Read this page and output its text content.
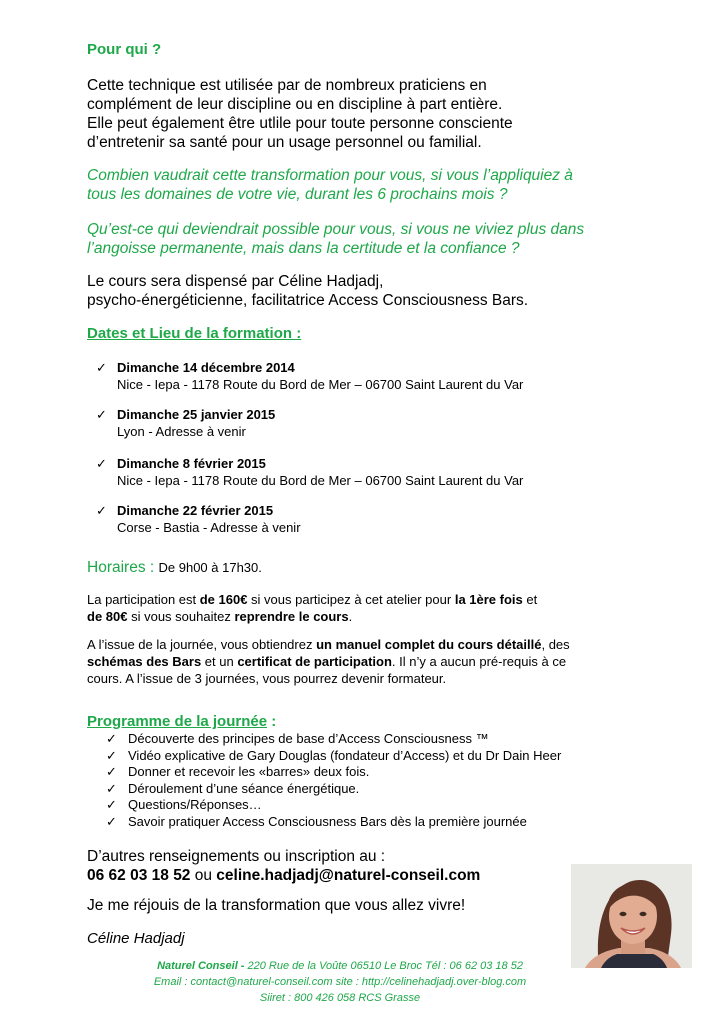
Pour qui ?
Cette technique est utilisée par de nombreux praticiens en
complément de leur discipline ou en discipline à part entière.
Elle peut également être utlile pour toute personne consciente
d’entretenir sa santé pour un usage personnel ou familial.
Combien vaudrait cette transformation pour vous, si vous l’appliquiez à
tous les domaines de votre vie, durant les 6 prochains mois ?
Qu’est-ce qui deviendrait possible pour vous, si vous ne viviez plus dans
l’angoisse permanente, mais dans la certitude et la confiance ?
Le cours sera dispensé par Céline Hadjadj,
psycho-énergéticienne, facilitatrice Access Consciousness Bars.
Dates et Lieu de la formation :
✓ Dimanche 14 décembre 2014
Nice - Iepa - 1178 Route du Bord de Mer – 06700 Saint Laurent du Var
✓ Dimanche 25 janvier 2015
Lyon - Adresse à venir
✓ Dimanche 8 février 2015
Nice - Iepa - 1178 Route du Bord de Mer – 06700 Saint Laurent du Var
✓ Dimanche 22 février 2015
Corse - Bastia - Adresse à venir
Horaires : De 9h00 à 17h30.
La participation est de 160€ si vous participez à cet atelier pour la 1ère fois et
de 80€ si vous souhaitez reprendre le cours.
A l’issue de la journée, vous obtiendrez un manuel complet du cours détaillé, des
schémas des Bars et un certificat de participation. Il n’y a aucun pré-requis à ce
cours. A l’issue de 3 journées, vous pourrez devenir formateur.
Programme de la journée :
✓ Découverte des principes de base d’Access Consciousness ™
✓ Vidéo explicative de Gary Douglas (fondateur d’Access) et du Dr Dain Heer
✓ Donner et recevoir les «barres» deux fois.
✓ Déroulement d’une séance énergétique.
✓ Questions/Réponses…
✓ Savoir pratiquer Access Consciousness Bars dès la première journée
D’autres renseignements ou inscription au :
06 62 03 18 52 ou celine.hadjadj@naturel-conseil.com
Je me réjouis de la transformation que vous allez vivre!
Céline Hadjadj
Naturel Conseil - 220 Rue de la Voûte 06510 Le Broc Tél : 06 62 03 18 52
Email : contact@naturel-conseil.com site : http://celinehadjadj.over-blog.com
Siiret : 800 426 058 RCS Grasse
